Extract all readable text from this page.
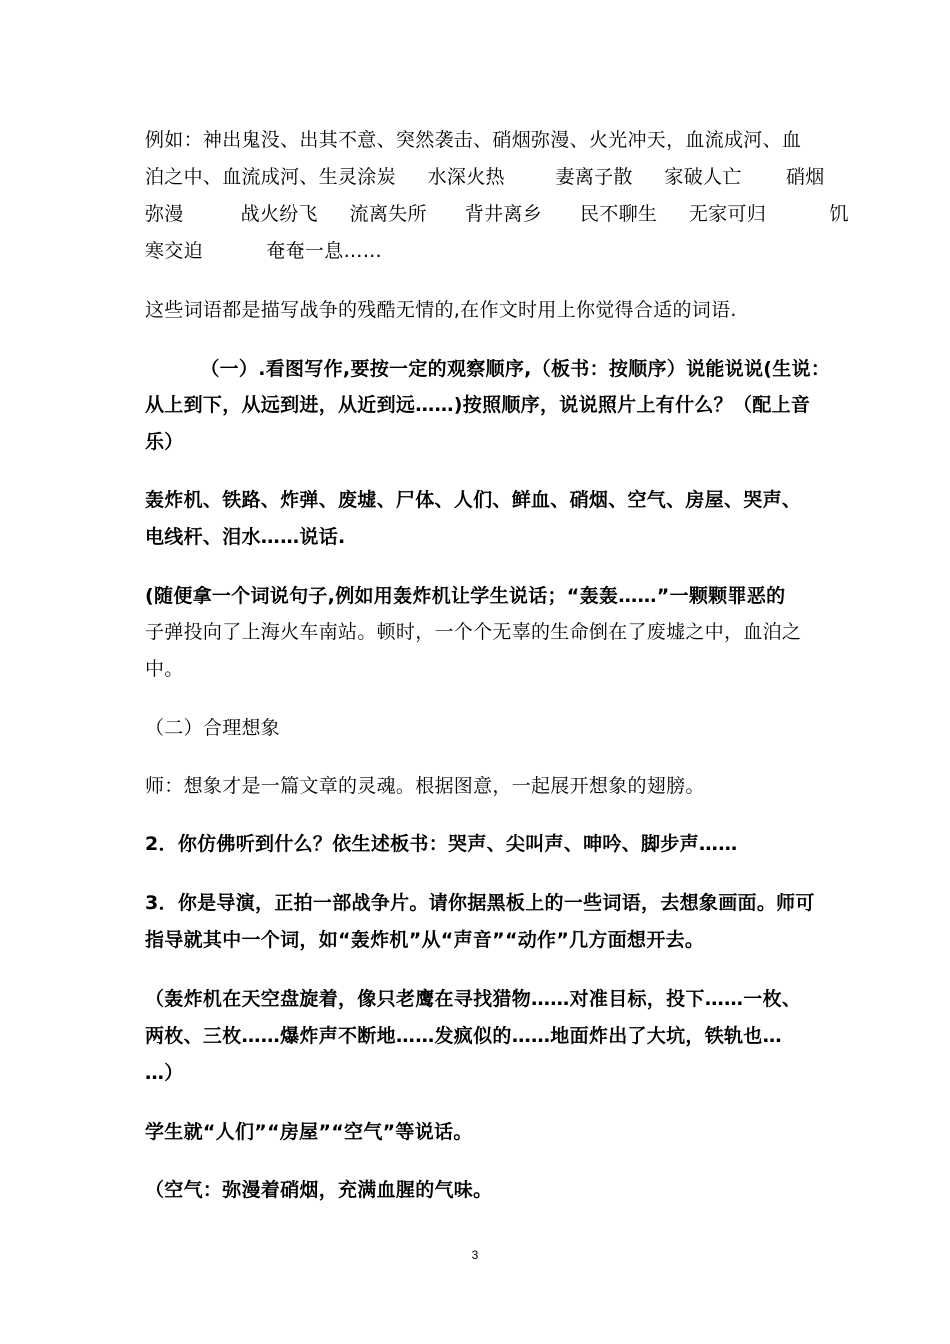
例如：神出鬼没、出其不意、突然袭击、硝烟弥漫、火光冲天，血流成河、血
泊之中、血流成河、生灵涂炭     水深火热        妻离子散     家破人亡       硝烟
弥漫         战火纷飞     流离失所      背井离乡      民不聊生     无家可归          饥
寒交迫          奄奄一息……
这些词语都是描写战争的残酷无情的,在作文时用上你觉得合适的词语.
（一）.看图写作,要按一定的观察顺序,（板书：按顺序）说能说说(生说：
从上到下，从远到进，从近到远……)按照顺序，说说照片上有什么？（配上音
乐）
轰炸机、铁路、炸弹、废墟、尸体、人们、鲜血、硝烟、空气、房屋、哭声、
电线杆、泪水……说话.
(随便拿一个词说句子,例如用轰炸机让学生说话；“轰轰……”一颗颗罪恶的
子弹投向了上海火车南站。顿时，一个个无辜的生命倒在了废墟之中，血泊之
中。
（二）合理想象
师：想象才是一篇文章的灵魂。根据图意，一起展开想象的翅膀。
2．你仿佛听到什么？依生述板书：哭声、尖叫声、呻吟、脚步声……
3．你是导演，正拍一部战争片。请你据黑板上的一些词语，去想象画面。师可
指导就其中一个词，如“轰炸机”从“声音”“动作”几方面想开去。
（轰炸机在天空盘旋着，像只老鹰在寻找猎物……对准目标，投下……一枚、
两枚、三枚……爆炸声不断地……发疯似的……地面炸出了大坑，铁轨也…
…）
学生就“人们”“房屋”“空气”等说话。
（空气：弥漫着硝烟，充满血腥的气味。
3
